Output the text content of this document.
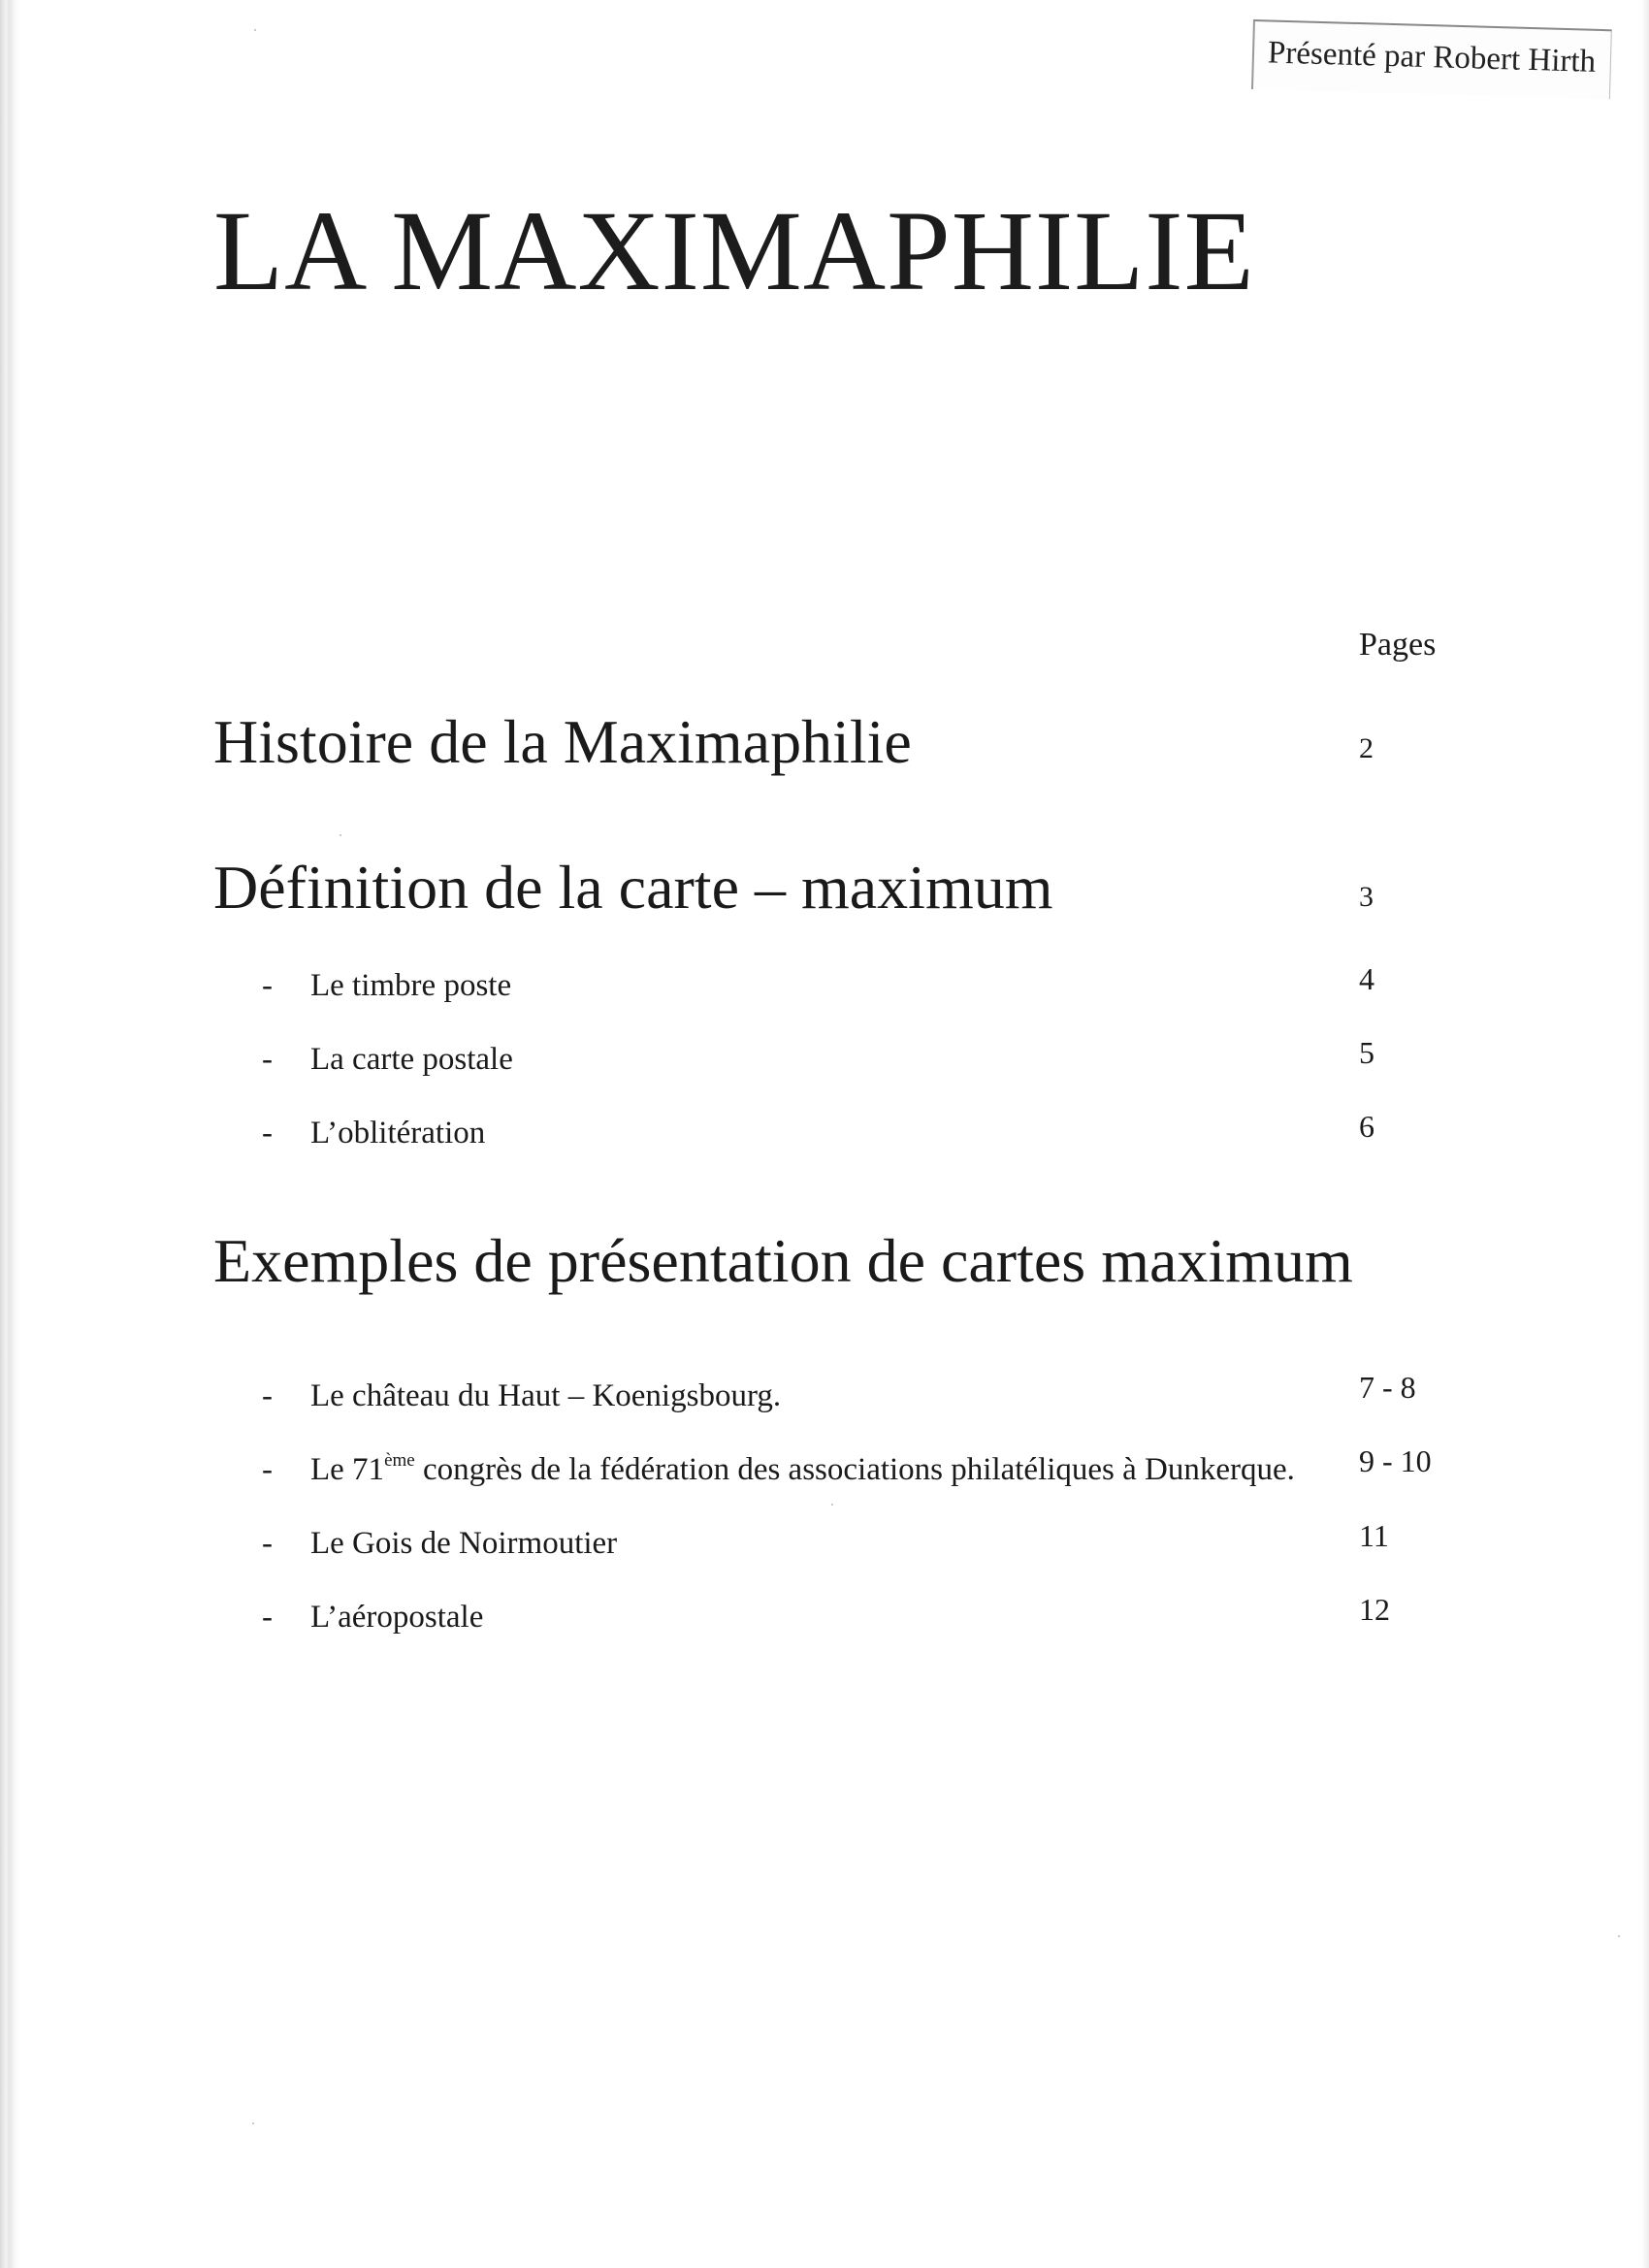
Présenté par Robert Hirth
LA MAXIMAPHILIE
Pages
Histoire de la Maximaphilie	2
Définition de la carte – maximum	3
- Le timbre poste	4
- La carte postale	5
- L’oblitération	6
Exemples de présentation de cartes maximum
- Le château du Haut – Koenigsbourg.	7 - 8
- Le 71ème congrès de la fédération des associations philatéliques à Dunkerque. 9 - 10
- Le Gois de Noirmoutier	11
- L’aéropostale	12
